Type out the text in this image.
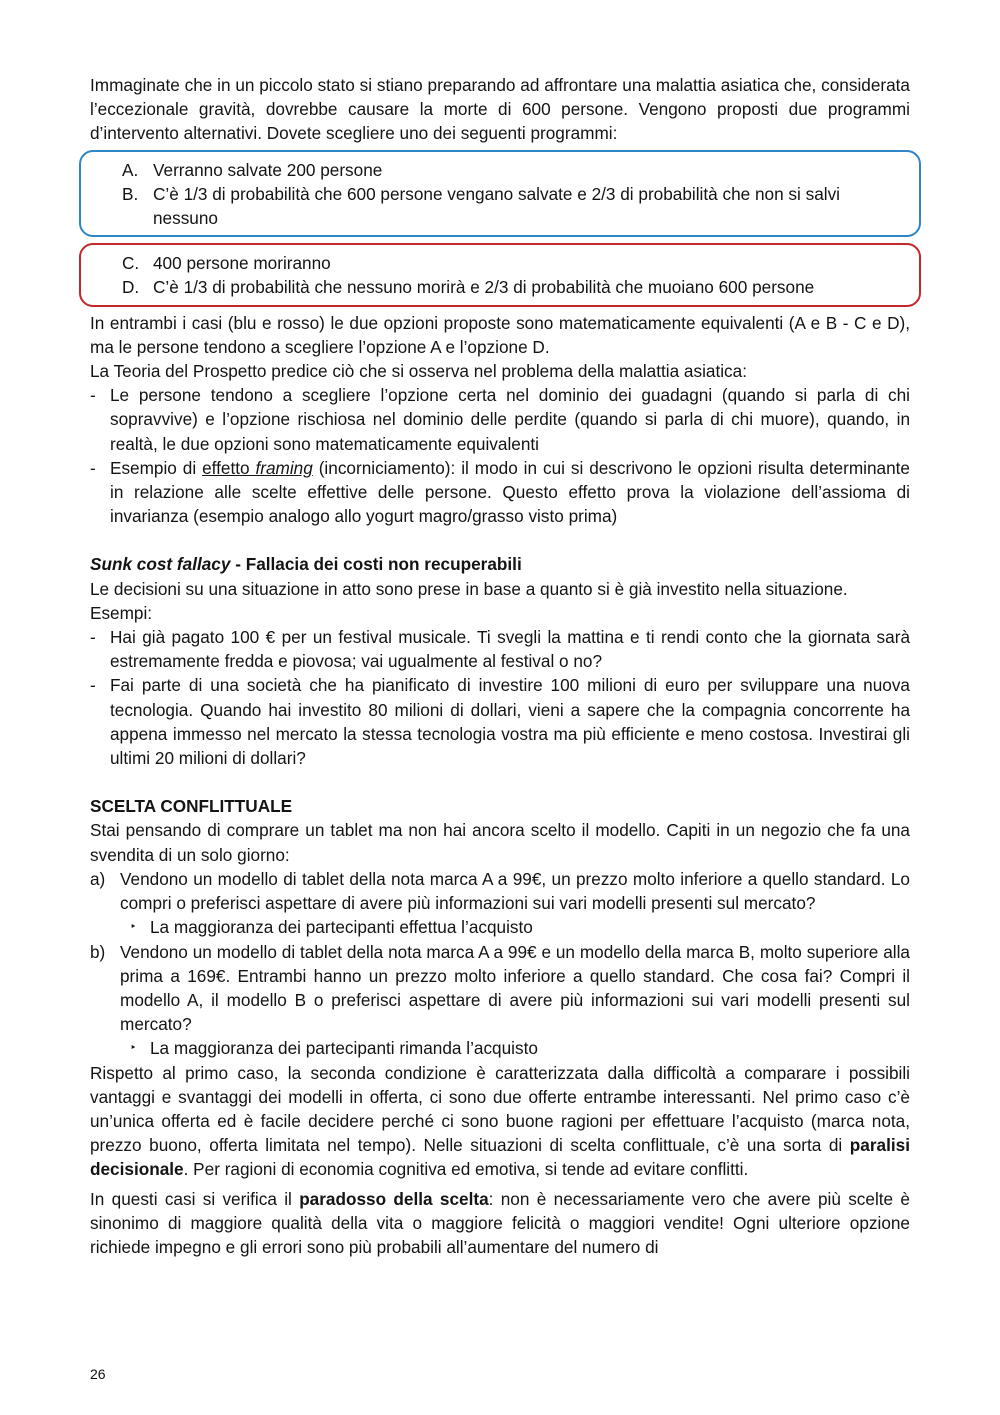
Immaginate che in un piccolo stato si stiano preparando ad affrontare una malattia asiatica che, considerata l’eccezionale gravità, dovrebbe causare la morte di 600 persone. Vengono proposti due programmi d’intervento alternativi. Dovete scegliere uno dei seguenti programmi:

A. Verranno salvate 200 persone
B. C’è 1/3 di probabilità che 600 persone vengano salvate e 2/3 di probabilità che non si salvi nessuno
C. 400 persone moriranno
D. C’è 1/3 di probabilità che nessuno morirà e 2/3 di probabilità che muoiano 600 persone

In entrambi i casi (blu e rosso) le due opzioni proposte sono matematicamente equivalenti (A e B - C e D), ma le persone tendono a scegliere l’opzione A e l’opzione D.

La Teoria del Prospetto predice ciò che si osserva nel problema della malattia asiatica:

- Le persone tendono a scegliere l’opzione certa nel dominio dei guadagni (quando si parla di chi sopravvive) e l’opzione rischiosa nel dominio delle perdite (quando si parla di chi muore), quando, in realtà, le due opzioni sono matematicamente equivalenti
- Esempio di effetto framing (incorniciamento): il modo in cui si descrivono le opzioni risulta determinante in relazione alle scelte effettive delle persone. Questo effetto prova la violazione dell’assioma di invarianza (esempio analogo allo yogurt magro/grasso visto prima)

Sunk cost fallacy - Fallacia dei costi non recuperabili

Le decisioni su una situazione in atto sono prese in base a quanto si è già investito nella situazione.

Esempi:

- Hai già pagato 100 € per un festival musicale. Ti svegli la mattina e ti rendi conto che la giornata sarà estremamente fredda e piovosa; vai ugualmente al festival o no?
- Fai parte di una società che ha pianificato di investire 100 milioni di euro per sviluppare una nuova tecnologia. Quando hai investito 80 milioni di dollari, vieni a sapere che la compagnia concorrente ha appena immesso nel mercato la stessa tecnologia vostra ma più efficiente e meno costosa. Investirai gli ultimi 20 milioni di dollari?

SCELTA CONFLITTUALE

Stai pensando di comprare un tablet ma non hai ancora scelto il modello. Capiti in un negozio che fa una svendita di un solo giorno:

a) Vendono un modello di tablet della nota marca A a 99€, un prezzo molto inferiore a quello standard. Lo compri o preferisci aspettare di avere più informazioni sui vari modelli presenti sul mercato?
‣ La maggioranza dei partecipanti effettua l’acquisto
b) Vendono un modello di tablet della nota marca A a 99€ e un modello della marca B, molto superiore alla prima a 169€. Entrambi hanno un prezzo molto inferiore a quello standard. Che cosa fai? Compri il modello A, il modello B o preferisci aspettare di avere più informazioni sui vari modelli presenti sul mercato?
‣ La maggioranza dei partecipanti rimanda l’acquisto

Rispetto al primo caso, la seconda condizione è caratterizzata dalla difficoltà a comparare i possibili vantaggi e svantaggi dei modelli in offerta, ci sono due offerte entrambe interessanti. Nel primo caso c’è un’unica offerta ed è facile decidere perché ci sono buone ragioni per effettuare l’acquisto (marca nota, prezzo buono, offerta limitata nel tempo). Nelle situazioni di scelta conflittuale, c’è una sorta di paralisi decisionale. Per ragioni di economia cognitiva ed emotiva, si tende ad evitare conflitti.

In questi casi si verifica il paradosso della scelta: non è necessariamente vero che avere più scelte è sinonimo di maggiore qualità della vita o maggiore felicità o maggiori vendite! Ogni ulteriore opzione richiede impegno e gli errori sono più probabili all’aumentare del numero di

26
